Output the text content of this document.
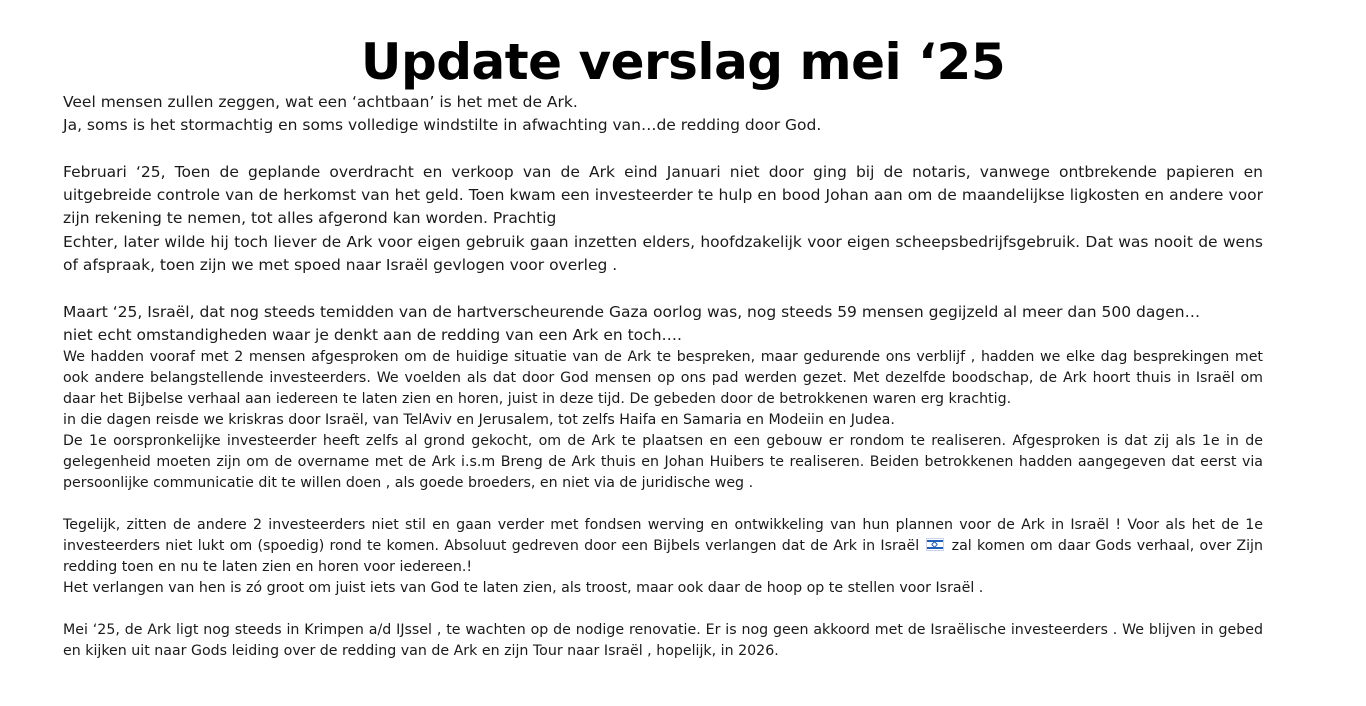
Update verslag mei ‘25

Veel mensen zullen zeggen, wat een ‘achtbaan’ is het met de Ark.

Ja, soms is het stormachtig en soms volledige windstilte in afwachting van…de redding door God.

Februari ‘25, Toen de geplande overdracht en verkoop van de Ark eind Januari niet door ging bij de notaris, vanwege ontbrekende papieren en uitgebreide controle van de herkomst van het geld. Toen kwam een investeerder te hulp en bood Johan aan om de maandelijkse ligkosten en andere voor zijn rekening te nemen, tot alles afgerond kan worden. Prachtig

Echter, later wilde hij toch liever de Ark voor eigen gebruik gaan inzetten elders, hoofdzakelijk voor eigen scheepsbedrijfsgebruik. Dat was nooit de wens of afspraak, toen zijn we met spoed naar Israël gevlogen voor overleg .

Maart ‘25, Israël, dat nog steeds temidden van de hartverscheurende Gaza oorlog was, nog steeds 59 mensen gegijzeld al meer dan 500 dagen…

niet echt omstandigheden waar je denkt aan de redding van een Ark en toch….

We hadden vooraf met 2 mensen afgesproken om de huidige situatie van de Ark te bespreken, maar gedurende ons verblijf , hadden we elke dag besprekingen met ook andere belangstellende investeerders. We voelden als dat door God mensen op ons pad werden gezet. Met dezelfde boodschap, de Ark hoort thuis in Israël om daar het Bijbelse verhaal aan iedereen te laten zien en horen, juist in deze tijd. De gebeden door de betrokkenen waren erg krachtig.

in die dagen reisde we kriskras door Israël, van TelAviv en Jerusalem, tot zelfs Haifa en Samaria en Modeiin en Judea.

De 1e oorspronkelijke investeerder heeft zelfs al grond gekocht, om de Ark te plaatsen en een gebouw er rondom te realiseren. Afgesproken is dat zij als 1e in de gelegenheid moeten zijn om de overname met de Ark i.s.m Breng de Ark thuis en Johan Huibers te realiseren. Beiden betrokkenen hadden aangegeven dat eerst via persoonlijke communicatie dit te willen doen , als goede broeders, en niet via de juridische weg .

Tegelijk, zitten de andere 2 investeerders niet stil en gaan verder met fondsen werving en ontwikkeling van hun plannen voor de Ark in Israël ! Voor als het de 1e investeerders niet lukt om (spoedig) rond te komen. Absoluut gedreven door een Bijbels verlangen dat de Ark in Israël
zal komen om daar Gods verhaal, over Zijn redding toen en nu te laten zien en horen voor iedereen.!

Het verlangen van hen is zó groot om juist iets van God te laten zien, als troost, maar ook daar de hoop op te stellen voor Israël .

Mei ‘25, de Ark ligt nog steeds in Krimpen a/d IJssel , te wachten op de nodige renovatie. Er is nog geen akkoord met de Israëlische investeerders . We blijven in gebed en kijken uit naar Gods leiding over de redding van de Ark en zijn Tour naar Israël , hopelijk, in 2026.
